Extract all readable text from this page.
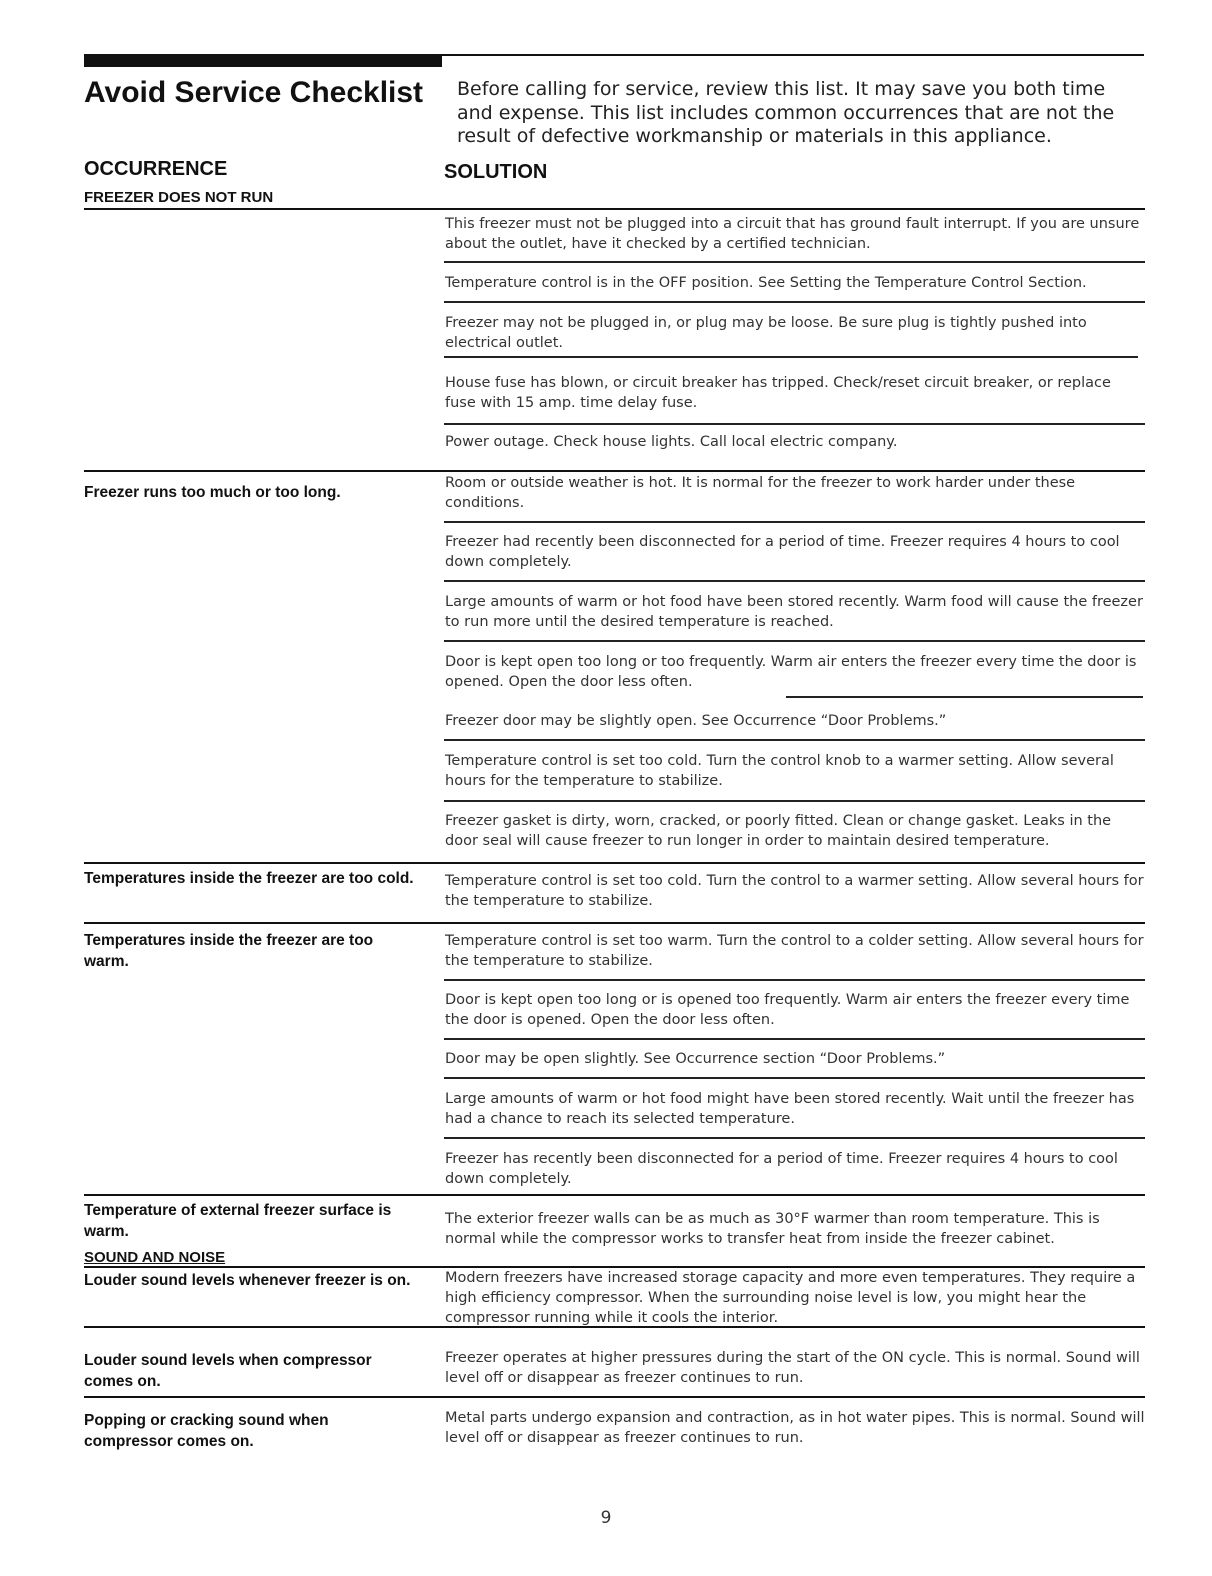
Avoid Service Checklist Before calling for service, review this list. It may save you both time and expense. This list includes common occurrences that are not the result of defective workmanship or materials in this appliance.
OCCURRENCE	SOLUTION
FREEZER DOES NOT RUN
This freezer must not be plugged into a circuit that has ground fault interrupt. If you are unsure about the outlet, have it checked by a certified technician.
Temperature control is in the OFF position. See Setting the Temperature Control Section.
Freezer may not be plugged in, or plug may be loose. Be sure plug is tightly pushed into electrical outlet.
House fuse has blown, or circuit breaker has tripped. Check/reset circuit breaker, or replace fuse with 15 amp. time delay fuse.
Power outage. Check house lights. Call local electric company.
Freezer runs too much or too long.
Room or outside weather is hot. It is normal for the freezer to work harder under these conditions.
Freezer had recently been disconnected for a period of time. Freezer requires 4 hours to cool down completely.
Large amounts of warm or hot food have been stored recently. Warm food will cause the freezer to run more until the desired temperature is reached.
Door is kept open too long or too frequently. Warm air enters the freezer every time the door is opened. Open the door less often.
Freezer door may be slightly open. See Occurrence “Door Problems.”
Temperature control is set too cold. Turn the control knob to a warmer setting. Allow several hours for the temperature to stabilize.
Freezer gasket is dirty, worn, cracked, or poorly fitted. Clean or change gasket. Leaks in the door seal will cause freezer to run longer in order to maintain desired temperature.
Temperatures inside the freezer are too cold. Temperature control is set too cold. Turn the control to a warmer setting. Allow several hours for the temperature to stabilize.
Temperatures inside the freezer are too warm.
Temperature control is set too warm. Turn the control to a colder setting. Allow several hours for the temperature to stabilize.
Door is kept open too long or is opened too frequently. Warm air enters the freezer every time the door is opened. Open the door less often.
Door may be open slightly. See Occurrence section “Door Problems.”
Large amounts of warm or hot food might have been stored recently. Wait until the freezer has had a chance to reach its selected temperature.
Freezer has recently been disconnected for a period of time. Freezer requires 4 hours to cool down completely.
Temperature of external freezer surface is warm.
The exterior freezer walls can be as much as 30°F warmer than room temperature. This is normal while the compressor works to transfer heat from inside the freezer cabinet.
SOUND AND NOISE
Louder sound levels whenever freezer is on. Modern freezers have increased storage capacity and more even temperatures. They require a high efficiency compressor. When the surrounding noise level is low, you might hear the compressor running while it cools the interior.
Louder sound levels when compressor comes on.
Freezer operates at higher pressures during the start of the ON cycle. This is normal. Sound will level off or disappear as freezer continues to run.
Popping or cracking sound when compressor comes on.
Metal parts undergo expansion and contraction, as in hot water pipes. This is normal. Sound will level off or disappear as freezer continues to run.
9
